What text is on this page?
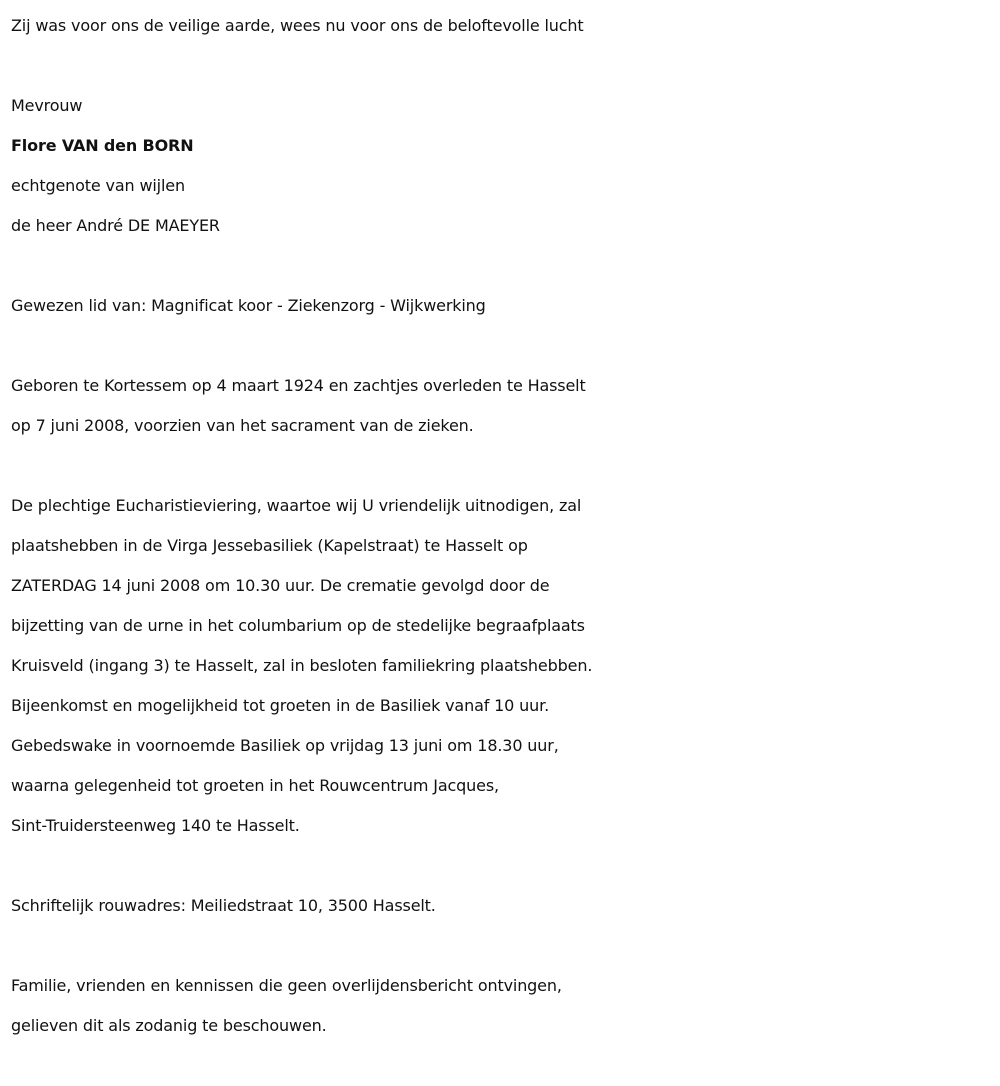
Zij was voor ons de veilige aarde, wees nu voor ons de beloftevolle lucht

Mevrouw

Flore VAN den BORN

echtgenote van wijlen

de heer André DE MAEYER

Gewezen lid van: Magnificat koor - Ziekenzorg - Wijkwerking

Geboren te Kortessem op 4 maart 1924 en zachtjes overleden te Hasselt

op 7 juni 2008, voorzien van het sacrament van de zieken.

De plechtige Eucharistieviering, waartoe wij U vriendelijk uitnodigen, zal

plaatshebben in de Virga Jessebasiliek (Kapelstraat) te Hasselt op

ZATERDAG 14 juni 2008 om 10.30 uur. De crematie gevolgd door de

bijzetting van de urne in het columbarium op de stedelijke begraafplaats

Kruisveld (ingang 3) te Hasselt, zal in besloten familiekring plaatshebben.

Bijeenkomst en mogelijkheid tot groeten in de Basiliek vanaf 10 uur.

Gebedswake in voornoemde Basiliek op vrijdag 13 juni om 18.30 uur,

waarna gelegenheid tot groeten in het Rouwcentrum Jacques,

Sint-Truidersteenweg 140 te Hasselt.

Schriftelijk rouwadres: Meiliedstraat 10, 3500 Hasselt.

Familie, vrienden en kennissen die geen overlijdensbericht ontvingen,

gelieven dit als zodanig te beschouwen.
